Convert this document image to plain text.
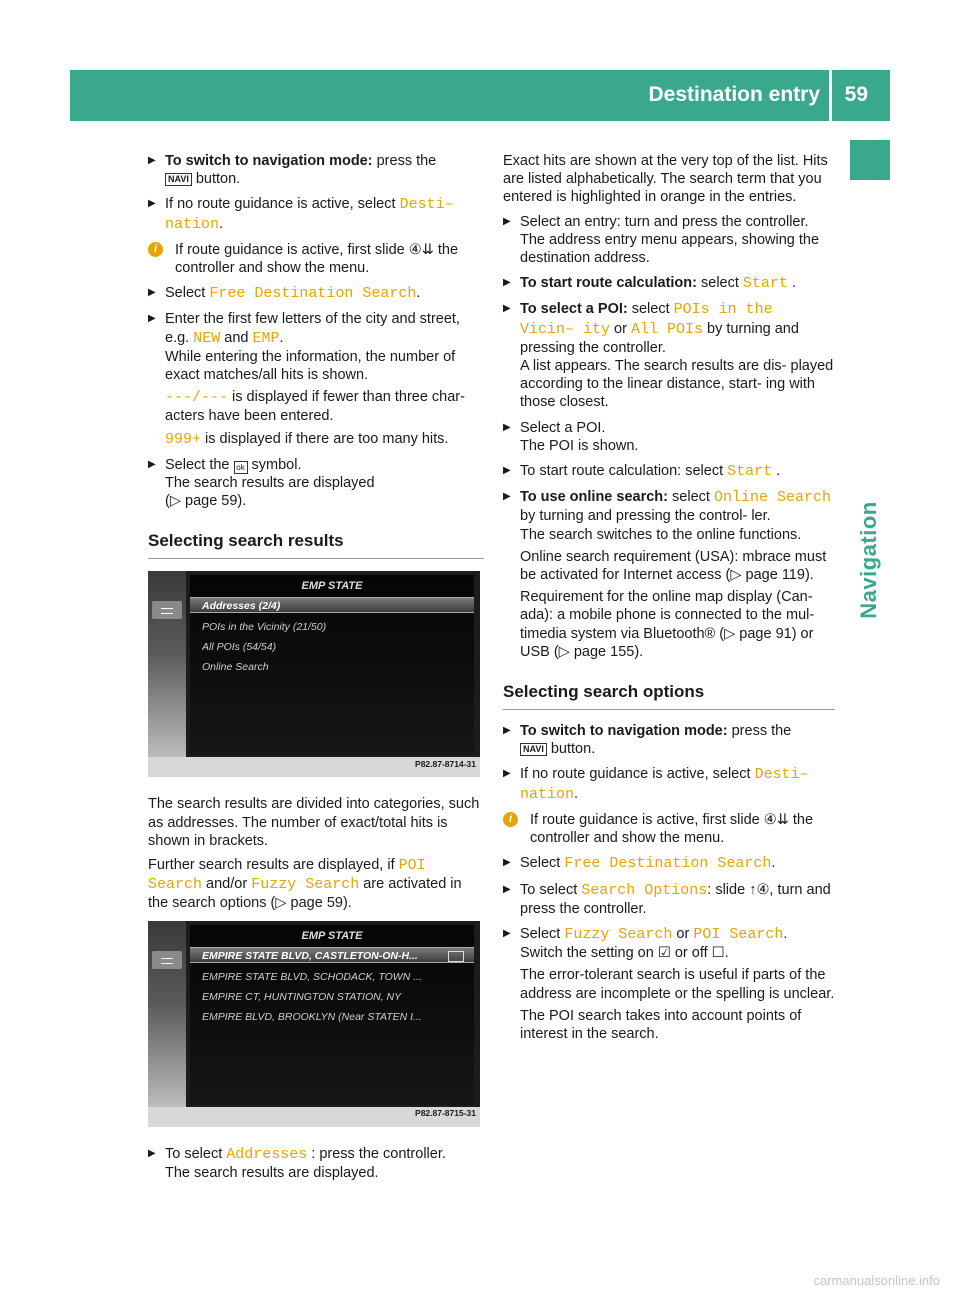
Destination entry 59
Navigation
▶ To switch to navigation mode: press the
NAVI button.
▶ If no route guidance is active, select Desti– nation.
i	If route guidance is active, first slide ④⇊ the controller and show the menu.
▶ Select Free Destination Search.
▶ Enter the first few letters of the city and street, e.g. NEW and EMP.
While entering the information, the number of exact matches/all hits is shown.
---/--- is displayed if fewer than three char- acters have been entered.
999+ is displayed if there are too many hits.
▶ Select the ok symbol.
The search results are displayed
(▷ page 59).
Selecting search results
EMP STATE
Addresses (2/4)
POIs in the Vicinity (21/50)
All POIs (54/54)
Online Search
P82.87-8714-31
The search results are divided into categories, such as addresses. The number of exact/total hits is shown in brackets.
Further search results are displayed, if POI Search and/or Fuzzy Search are activated in the search options (▷ page 59).
EMP STATE
EMPIRE STATE BLVD, CASTLETON-ON-H...
EMPIRE STATE BLVD, SCHODACK, TOWN ...
EMPIRE CT, HUNTINGTON STATION, NY
EMPIRE BLVD, BROOKLYN (Near STATEN I...
P82.87-8715-31
▶ To select Addresses : press the controller.
The search results are displayed.
Exact hits are shown at the very top of the list. Hits are listed alphabetically. The search term that you entered is highlighted in orange in the entries.
▶ Select an entry: turn and press the controller. The address entry menu appears, showing the destination address.
▶ To start route calculation: select Start .
▶ To select a POI: select POIs in the Vicin– ity or All POIs by turning and pressing the controller.
A list appears. The search results are dis- played according to the linear distance, start- ing with those closest.
▶ Select a POI.
The POI is shown.
▶ To start route calculation: select Start .
▶ To use online search: select Online Search by turning and pressing the control- ler.
The search switches to the online functions.
Online search requirement (USA): mbrace must be activated for Internet access (▷ page 119).
Requirement for the online map display (Can- ada): a mobile phone is connected to the mul- timedia system via Bluetooth® (▷ page 91) or USB (▷ page 155).
Selecting search options
▶ To switch to navigation mode: press the
NAVI button.
▶ If no route guidance is active, select Desti– nation.
i	If route guidance is active, first slide ④⇊ the controller and show the menu.
▶ Select Free Destination Search.
▶ To select Search Options: slide ↑④, turn and press the controller.
▶ Select Fuzzy Search or POI Search.
Switch the setting on ☑ or off ☐.
The error-tolerant search is useful if parts of the address are incomplete or the spelling is unclear.
The POI search takes into account points of interest in the search.
carmanualsonline.info
